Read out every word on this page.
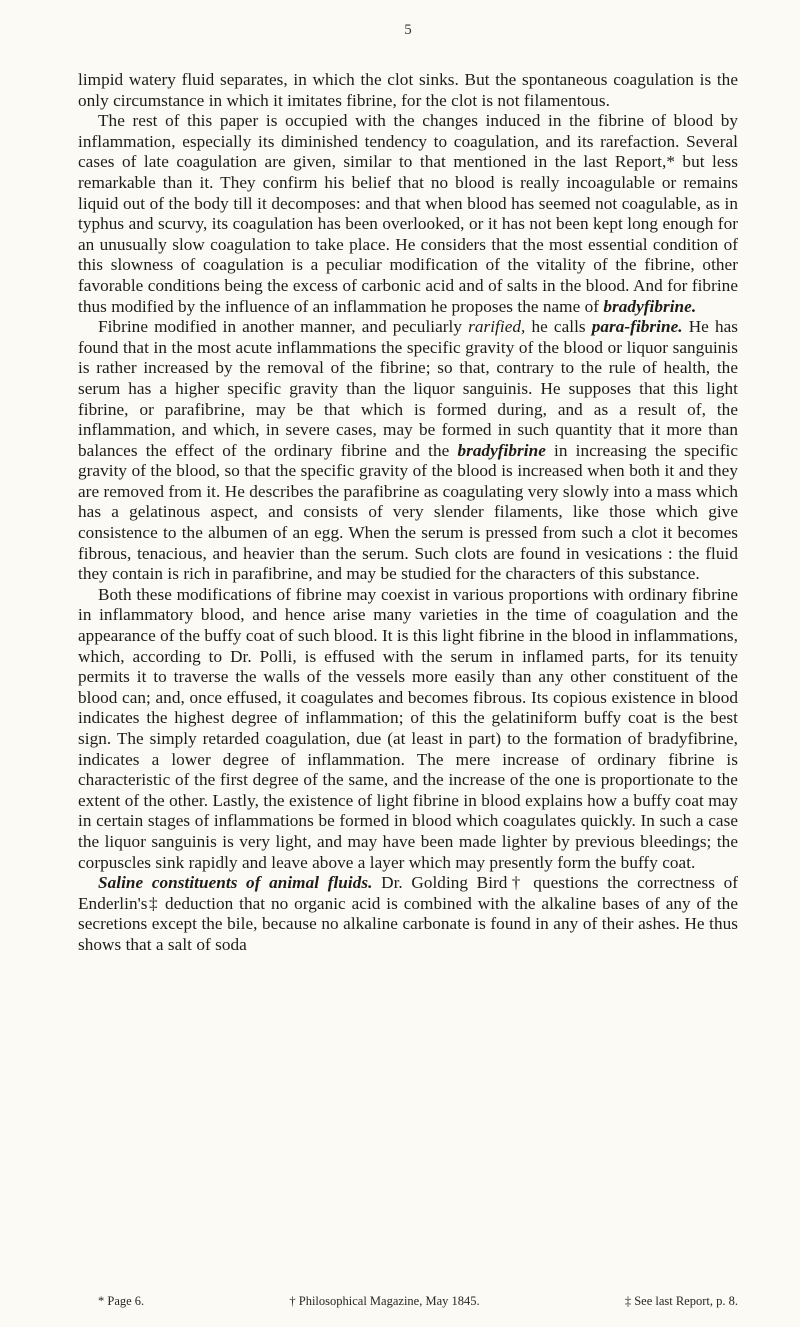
5

limpid watery fluid separates, in which the clot sinks. But the spontaneous coagulation is the only circumstance in which it imitates fibrine, for the clot is not filamentous.

The rest of this paper is occupied with the changes induced in the fibrine of blood by inflammation, especially its diminished tendency to coagulation, and its rarefaction. Several cases of late coagulation are given, similar to that mentioned in the last Report,* but less remarkable than it. They confirm his belief that no blood is really incoagulable or remains liquid out of the body till it decomposes: and that when blood has seemed not coagulable, as in typhus and scurvy, its coagulation has been overlooked, or it has not been kept long enough for an unusually slow coagulation to take place. He considers that the most essential condition of this slowness of coagulation is a peculiar modification of the vitality of the fibrine, other favorable conditions being the excess of carbonic acid and of salts in the blood. And for fibrine thus modified by the influence of an inflammation he proposes the name of bradyfibrine.

Fibrine modified in another manner, and peculiarly rarified, he calls para-fibrine. He has found that in the most acute inflammations the specific gravity of the blood or liquor sanguinis is rather increased by the removal of the fibrine; so that, contrary to the rule of health, the serum has a higher specific gravity than the liquor sanguinis. He supposes that this light fibrine, or parafibrine, may be that which is formed during, and as a result of, the inflammation, and which, in severe cases, may be formed in such quantity that it more than balances the effect of the ordinary fibrine and the bradyfibrine in increasing the specific gravity of the blood, so that the specific gravity of the blood is increased when both it and they are removed from it. He describes the parafibrine as coagulating very slowly into a mass which has a gelatinous aspect, and consists of very slender filaments, like those which give consistence to the albumen of an egg. When the serum is pressed from such a clot it becomes fibrous, tenacious, and heavier than the serum. Such clots are found in vesications : the fluid they contain is rich in parafibrine, and may be studied for the characters of this substance.

Both these modifications of fibrine may coexist in various proportions with ordinary fibrine in inflammatory blood, and hence arise many varieties in the time of coagulation and the appearance of the buffy coat of such blood. It is this light fibrine in the blood in inflammations, which, according to Dr. Polli, is effused with the serum in inflamed parts, for its tenuity permits it to traverse the walls of the vessels more easily than any other constituent of the blood can; and, once effused, it coagulates and becomes fibrous. Its copious existence in blood indicates the highest degree of inflammation; of this the gelatiniform buffy coat is the best sign. The simply retarded coagulation, due (at least in part) to the formation of bradyfibrine, indicates a lower degree of inflammation. The mere increase of ordinary fibrine is characteristic of the first degree of the same, and the increase of the one is proportionate to the extent of the other. Lastly, the existence of light fibrine in blood explains how a buffy coat may in certain stages of inflammations be formed in blood which coagulates quickly. In such a case the liquor sanguinis is very light, and may have been made lighter by previous bleedings; the corpuscles sink rapidly and leave above a layer which may presently form the buffy coat.

Saline constituents of animal fluids. Dr. Golding Bird† questions the correctness of Enderlin's‡ deduction that no organic acid is combined with the alkaline bases of any of the secretions except the bile, because no alkaline carbonate is found in any of their ashes. He thus shows that a salt of soda

* Page 6.	† Philosophical Magazine, May 1845.	‡ See last Report, p. 8.
